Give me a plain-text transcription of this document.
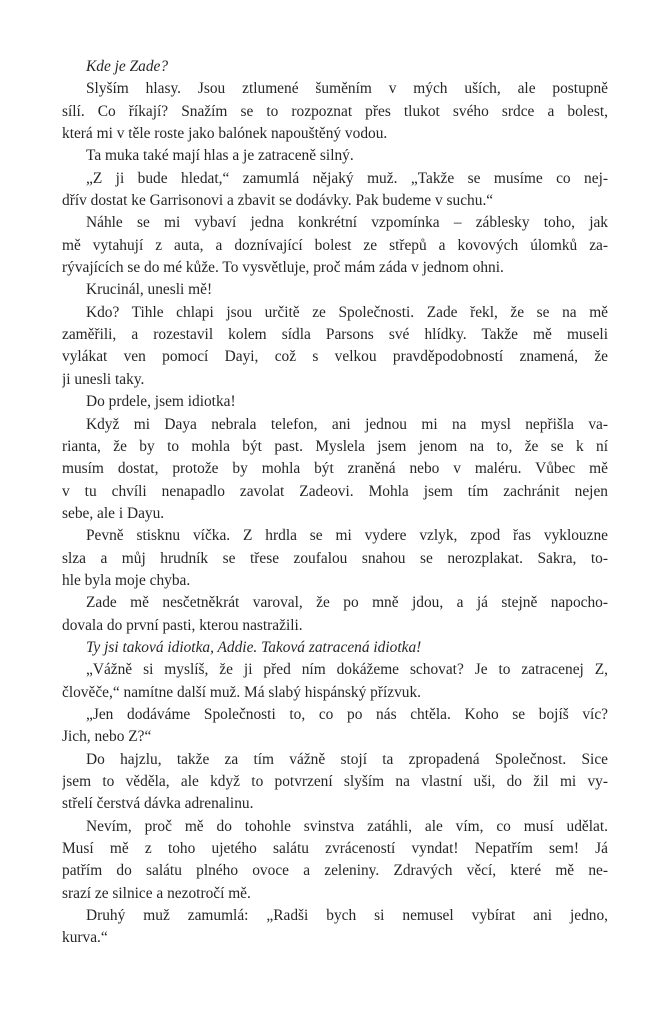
Kde je Zade?

Slyším hlasy. Jsou ztlumené šuměním v mých uších, ale postupně
sílí. Co říkají? Snažím se to rozpoznat přes tlukot svého srdce a bolest,
která mi v těle roste jako balónek napouštěný vodou.

Ta muka také mají hlas a je zatraceně silný.

„Z ji bude hledat,“ zamumlá nějaký muž. „Takže se musíme co nej-
dřív dostat ke Garrisonovi a zbavit se dodávky. Pak budeme v suchu.“

Náhle se mi vybaví jedna konkrétní vzpomínka – záblesky toho, jak
mě vytahují z auta, a doznívající bolest ze střepů a kovových úlomků za-
rývajících se do mé kůže. To vysvětluje, proč mám záda v jednom ohni.

Krucinál, unesli mě!

Kdo? Tihle chlapi jsou určitě ze Společnosti. Zade řekl, že se na mě
zaměřili, a rozestavil kolem sídla Parsons své hlídky. Takže mě museli
vylákat ven pomocí Dayi, což s velkou pravděpodobností znamená, že
ji unesli taky.

Do prdele, jsem idiotka!

Když mi Daya nebrala telefon, ani jednou mi na mysl nepřišla va-
rianta, že by to mohla být past. Myslela jsem jenom na to, že se k ní
musím dostat, protože by mohla být zraněná nebo v maléru. Vůbec mě
v tu chvíli nenapadlo zavolat Zadeovi. Mohla jsem tím zachránit nejen
sebe, ale i Dayu.

Pevně stisknu víčka. Z hrdla se mi vydere vzlyk, zpod řas vyklouzne
slza a můj hrudník se třese zoufalou snahou se nerozplakat. Sakra, to-
hle byla moje chyba.

Zade mě nesčetněkrát varoval, že po mně jdou, a já stejně napocho-
dovala do první pasti, kterou nastražili.

Ty jsi taková idiotka, Addie. Taková zatracená idiotka!

„Vážně si myslíš, že ji před ním dokážeme schovat? Je to zatracenej Z,
člověče,“ namítne další muž. Má slabý hispánský přízvuk.

„Jen dodáváme Společnosti to, co po nás chtěla. Koho se bojíš víc?
Jich, nebo Z?“

Do hajzlu, takže za tím vážně stojí ta zpropadená Společnost. Sice
jsem to věděla, ale když to potvrzení slyším na vlastní uši, do žil mi vy-
střelí čerstvá dávka adrenalinu.

Nevím, proč mě do tohohle svinstva zatáhli, ale vím, co musí udělat.
Musí mě z toho ujetého salátu zvráceností vyndat! Nepatřím sem! Já
patřím do salátu plného ovoce a zeleniny. Zdravých věcí, které mě ne-
srazí ze silnice a nezotročí mě.

Druhý muž zamumlá: „Radši bych si nemusel vybírat ani jedno,
kurva.“
